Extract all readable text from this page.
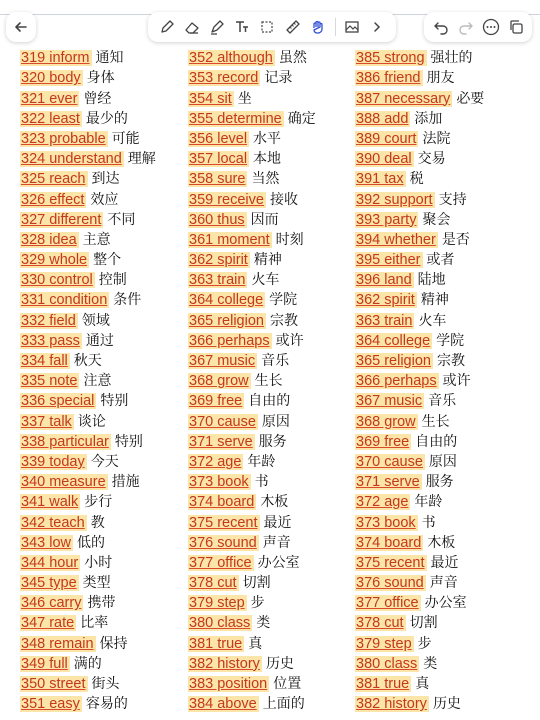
319 inform 通知
320 body 身体
321 ever 曾经
322 least 最少的
323 probable 可能
324 understand 理解
325 reach 到达
326 effect 效应
327 different 不同
328 idea 主意
329 whole 整个
330 control 控制
331 condition 条件
332 field 领域
333 pass 通过
334 fall 秋天
335 note 注意
336 special 特别
337 talk 谈论
338 particular 特别
339 today 今天
340 measure 措施
341 walk 步行
342 teach 教
343 low 低的
344 hour 小时
345 type 类型
346 carry 携带
347 rate 比率
348 remain 保持
349 full 满的
350 street 街头
351 easy 容易的
352 although 虽然
353 record 记录
354 sit 坐
355 determine 确定
356 level 水平
357 local 本地
358 sure 当然
359 receive 接收
360 thus 因而
361 moment 时刻
362 spirit 精神
363 train 火车
364 college 学院
365 religion 宗教
366 perhaps 或许
367 music 音乐
368 grow 生长
369 free 自由的
370 cause 原因
371 serve 服务
372 age 年龄
373 book 书
374 board 木板
375 recent 最近
376 sound 声音
377 office 办公室
378 cut 切割
379 step 步
380 class 类
381 true 真
382 history 历史
383 position 位置
384 above 上面的
385 strong 强壮的
386 friend 朋友
387 necessary 必要
388 add 添加
389 court 法院
390 deal 交易
391 tax 税
392 support 支持
393 party 聚会
394 whether 是否
395 either 或者
396 land 陆地
362 spirit 精神
363 train 火车
364 college 学院
365 religion 宗教
366 perhaps 或许
367 music 音乐
368 grow 生长
369 free 自由的
370 cause 原因
371 serve 服务
372 age 年龄
373 book 书
374 board 木板
375 recent 最近
376 sound 声音
377 office 办公室
378 cut 切割
379 step 步
380 class 类
381 true 真
382 history 历史
